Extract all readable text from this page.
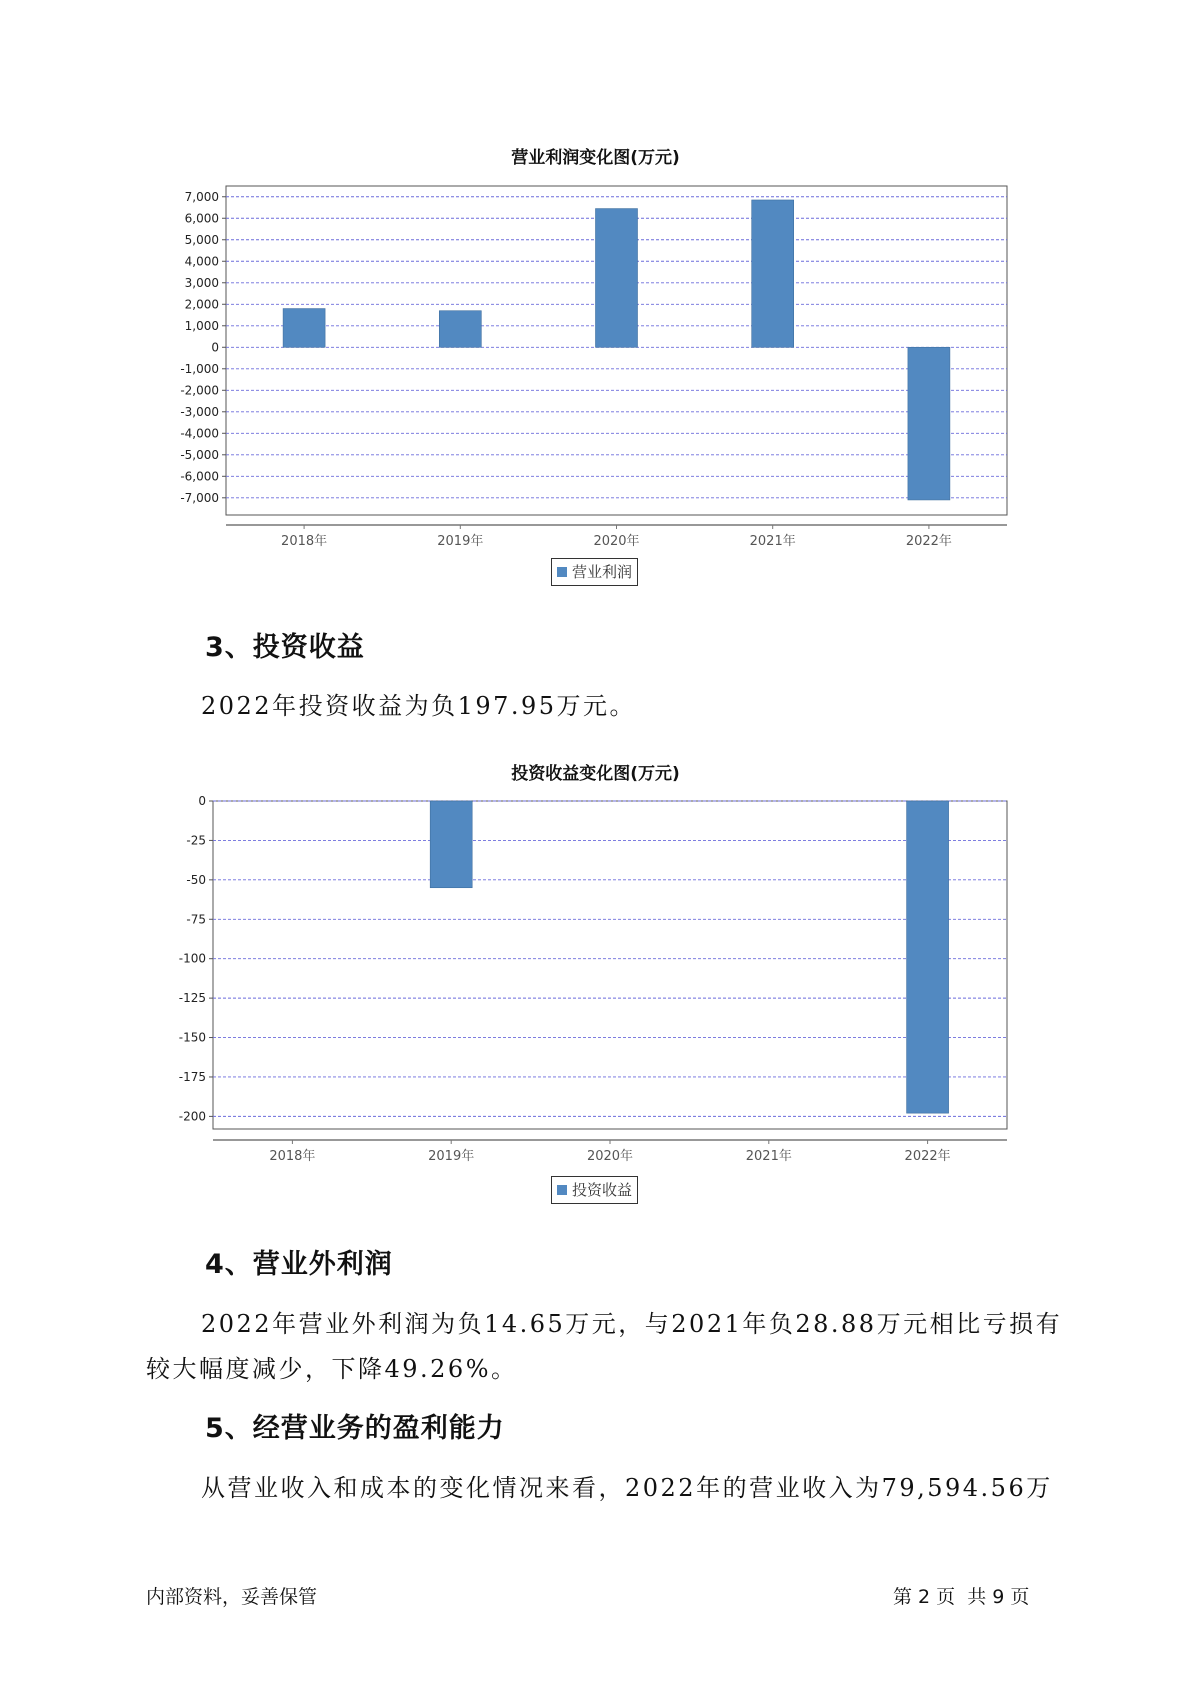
营业利润变化图(万元)
7,000
6,000
5,000
4,000
3,000
2,000
1,000
0
-1,000
-2,000
-3,000
-4,000
-5,000
-6,000
-7,000
2018年	2019年	2020年	2021年	2022年
营业利润
3、投资收益

2022年投资收益为负197.95万元。

投资收益变化图(万元)
0
-25
-50
-75
-100
-125
-150
-175
-200
2018年	2019年	2020年	2021年	2022年
投资收益
4、营业外利润

2022年营业外利润为负14.65万元，与2021年负28.88万元相比亏损有

较大幅度减少，下降49.26%。

5、经营业务的盈利能力

从营业收入和成本的变化情况来看，2022年的营业收入为79,594.56万

内部资料，妥善保管	第 2 页  共 9 页
